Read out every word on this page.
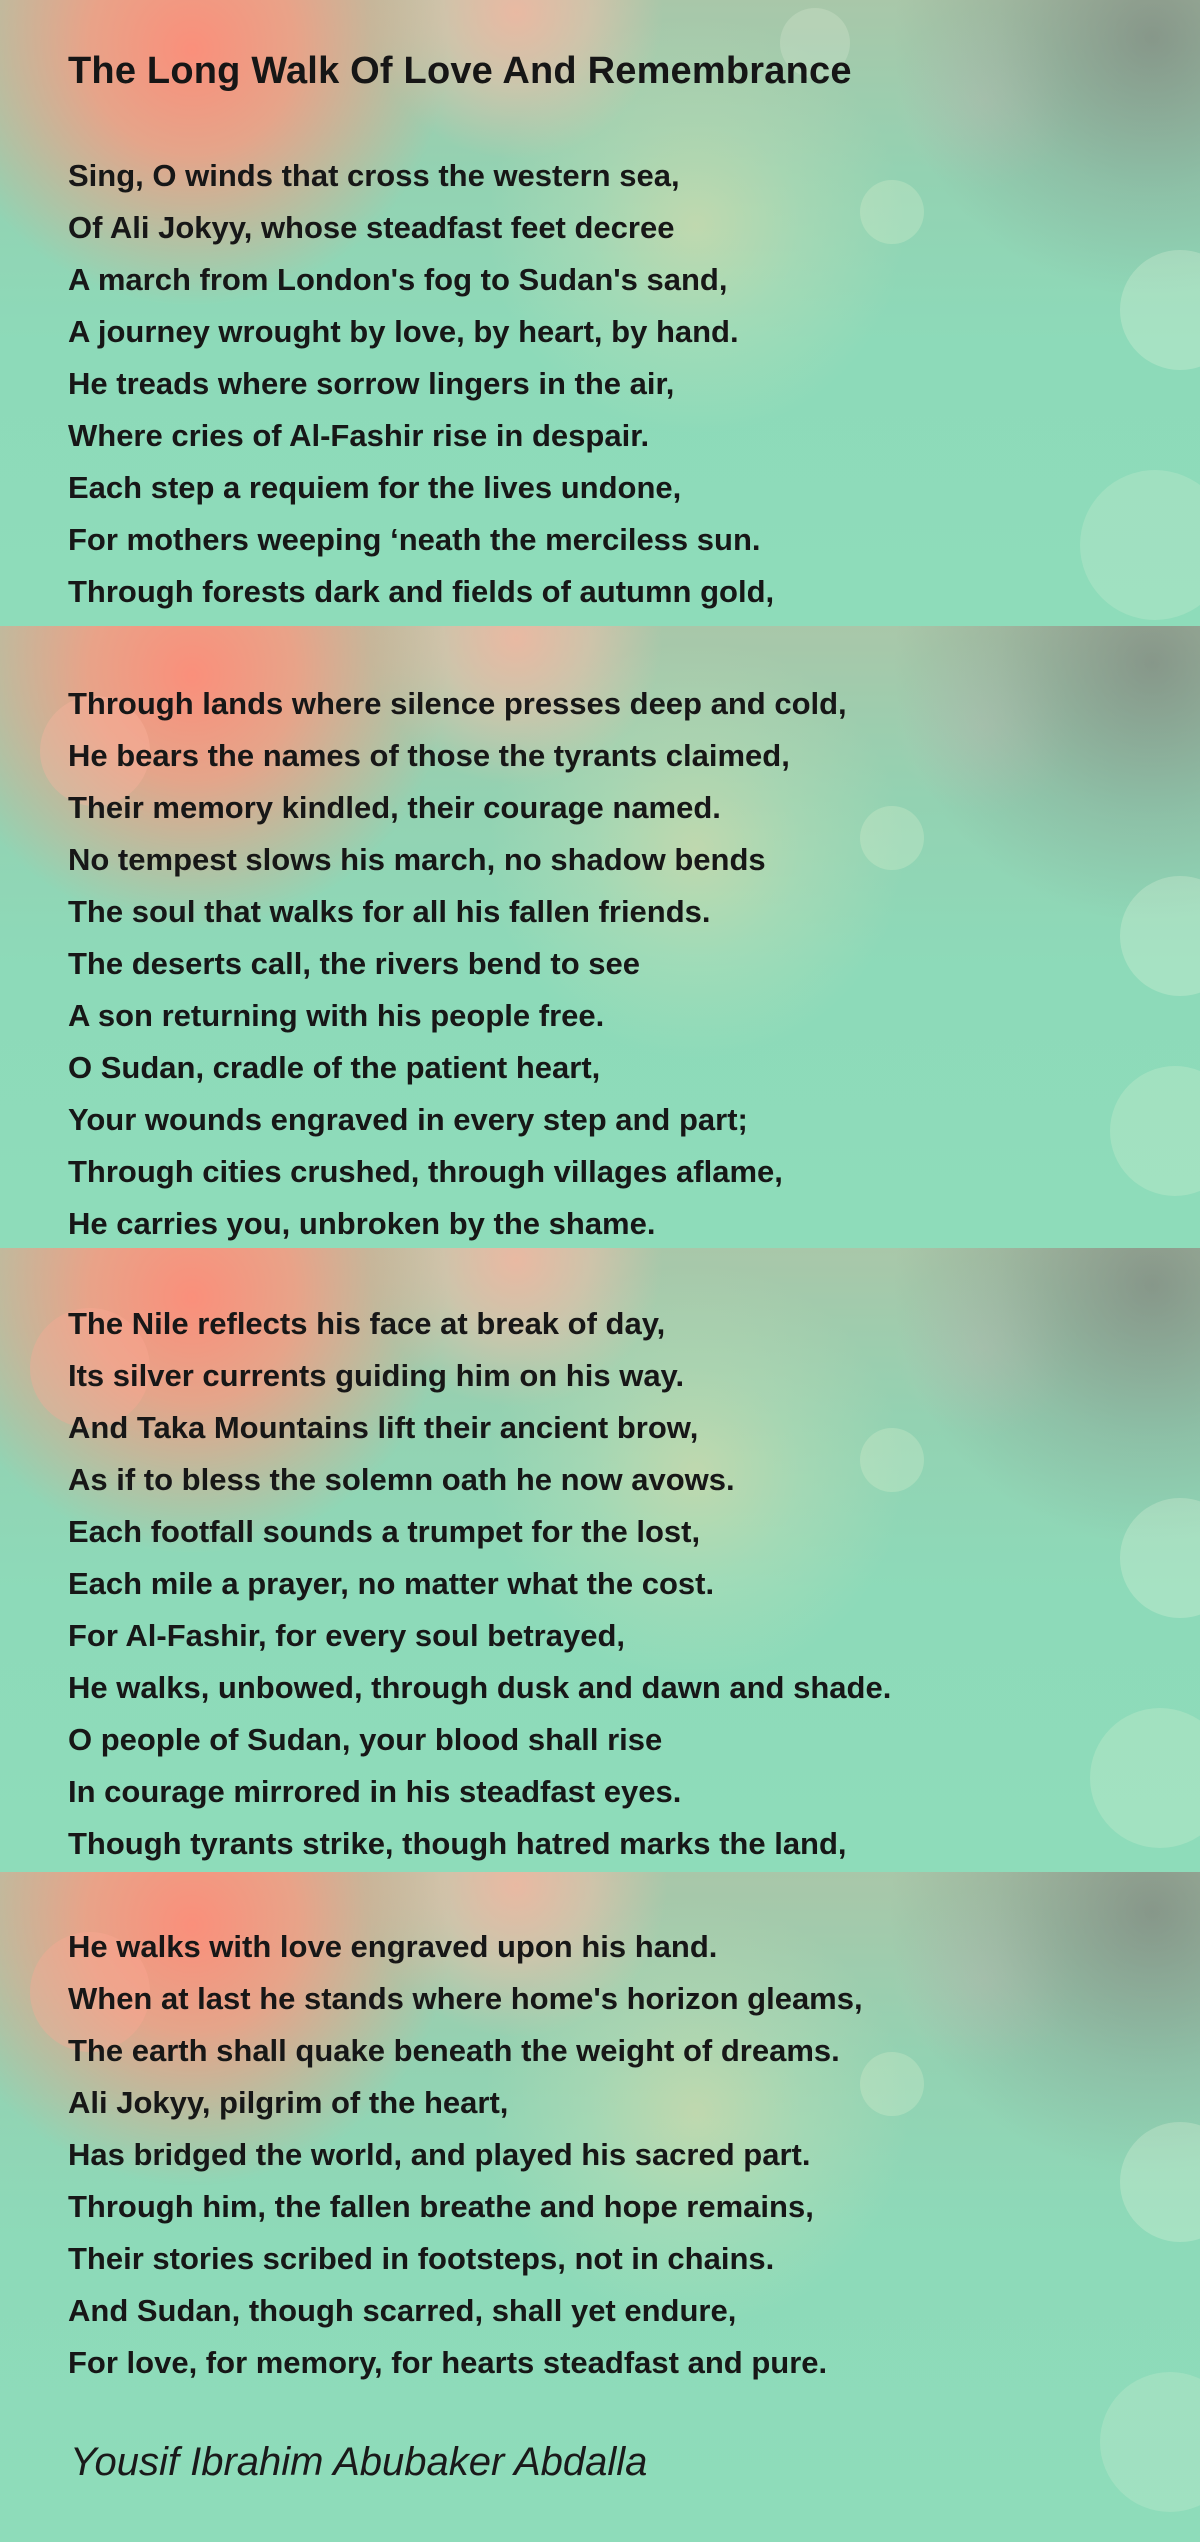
The Long Walk Of Love And Remembrance
Sing, O winds that cross the western sea,
Of Ali Jokyy, whose steadfast feet decree
A march from London's fog to Sudan's sand,
A journey wrought by love, by heart, by hand.
He treads where sorrow lingers in the air,
Where cries of Al-Fashir rise in despair.
Each step a requiem for the lives undone,
For mothers weeping ‘neath the merciless sun.
Through forests dark and fields of autumn gold,
Through lands where silence presses deep and cold,
He bears the names of those the tyrants claimed,
Their memory kindled, their courage named.
No tempest slows his march, no shadow bends
The soul that walks for all his fallen friends.
The deserts call, the rivers bend to see
A son returning with his people free.
O Sudan, cradle of the patient heart,
Your wounds engraved in every step and part;
Through cities crushed, through villages aflame,
He carries you, unbroken by the shame.
The Nile reflects his face at break of day,
Its silver currents guiding him on his way.
And Taka Mountains lift their ancient brow,
As if to bless the solemn oath he now avows.
Each footfall sounds a trumpet for the lost,
Each mile a prayer, no matter what the cost.
For Al-Fashir, for every soul betrayed,
He walks, unbowed, through dusk and dawn and shade.
O people of Sudan, your blood shall rise
In courage mirrored in his steadfast eyes.
Though tyrants strike, though hatred marks the land,
He walks with love engraved upon his hand.
When at last he stands where home's horizon gleams,
The earth shall quake beneath the weight of dreams.
Ali Jokyy, pilgrim of the heart,
Has bridged the world, and played his sacred part.
Through him, the fallen breathe and hope remains,
Their stories scribed in footsteps, not in chains.
And Sudan, though scarred, shall yet endure,
For love, for memory, for hearts steadfast and pure.

Yousif Ibrahim Abubaker Abdalla
